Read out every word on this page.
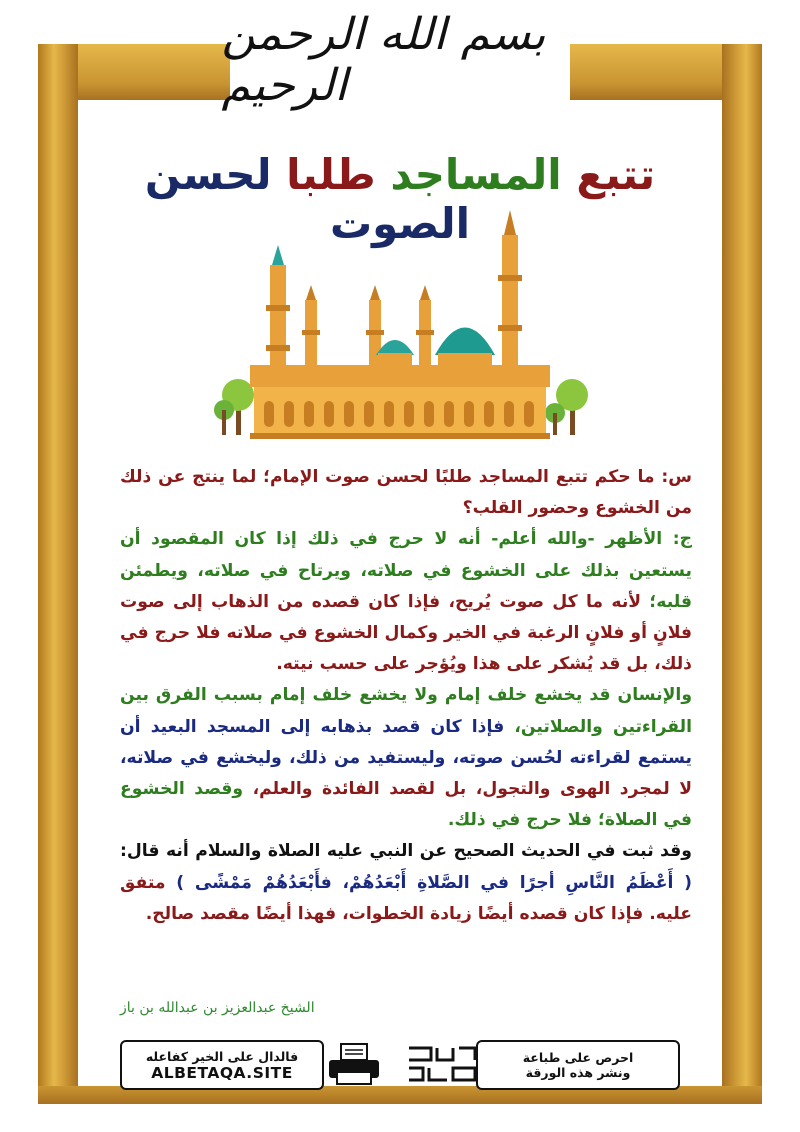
بسم الله الرحمن الرحيم
تتبع المساجد طلبا لحسن الصوت

س: ما حكم تتبع المساجد طلبًا لحسن صوت الإمام؛ لما ينتج عن ذلك من الخشوع وحضور القلب؟

ج: الأظهر -والله أعلم- أنه لا حرج في ذلك إذا كان المقصود أن يستعين بذلك على الخشوع في صلاته، ويرتاح في صلاته، ويطمئن قلبه؛ لأنه ما كل صوت يُريح، فإذا كان قصده من الذهاب إلى صوت فلانٍ أو فلانٍ الرغبة في الخير وكمال الخشوع في صلاته فلا حرج في ذلك، بل قد يُشكر على هذا ويُؤجر على حسب نيته.

والإنسان قد يخشع خلف إمام ولا يخشع خلف إمام بسبب الفرق بين القراءتين والصلاتين، فإذا كان قصد بذهابه إلى المسجد البعيد أن يستمع لقراءته لحُسن صوته، وليستفيد من ذلك، وليخشع في صلاته، لا لمجرد الهوى والتجول، بل لقصد الفائدة والعلم، وقصد الخشوع في الصلاة؛ فلا حرج في ذلك.

وقد ثبت في الحديث الصحيح عن النبي عليه الصلاة والسلام أنه قال: ( أَعْظَمُ النَّاسِ أجرًا في الصَّلاةِ أَبْعَدُهُمْ، فأَبْعَدُهُمْ مَمْشًى ) متفق عليه. فإذا كان قصده أيضًا زيادة الخطوات، فهذا أيضًا مقصد صالح.

الشيخ عبدالعزيز بن عبدالله بن باز
فالدال على الخير كفاعله
ALBETAQA.SITE
احرص على طباعة
ونشر هذه الورقة
